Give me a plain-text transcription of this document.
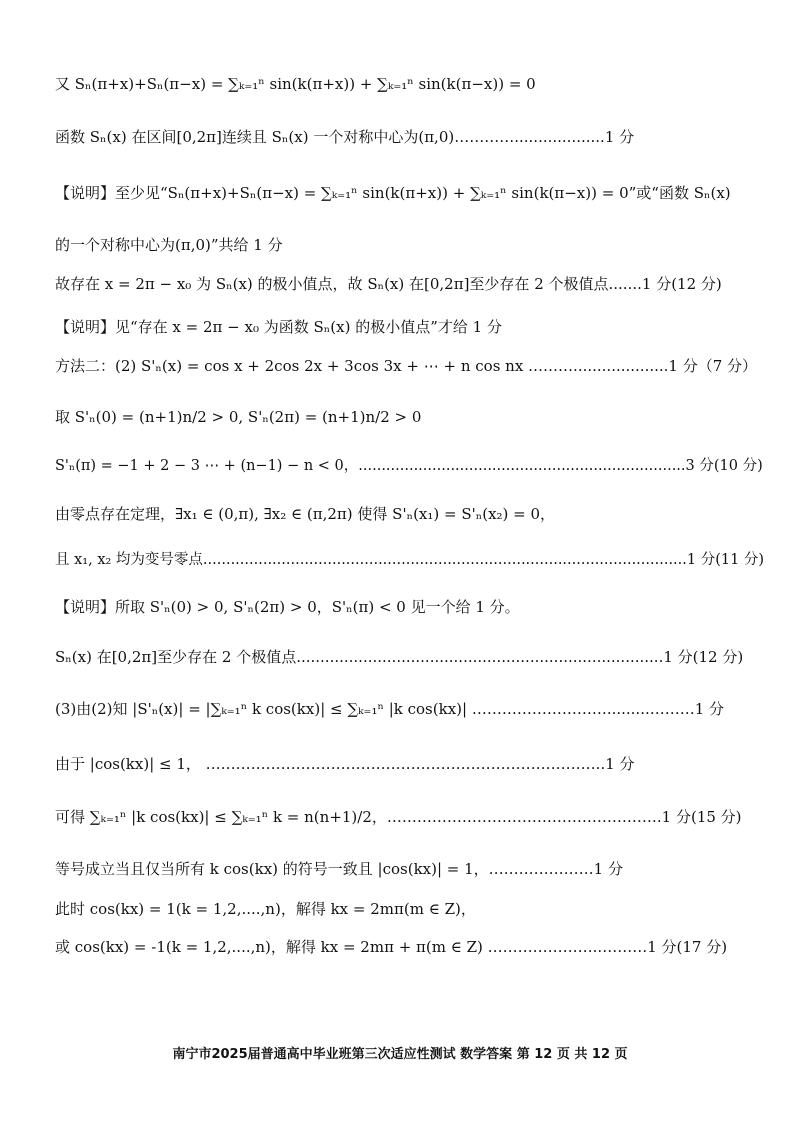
又 Sₙ(π+x)+Sₙ(π−x) = ∑ₖ₌₁ⁿ sin(k(π+x)) + ∑ₖ₌₁ⁿ sin(k(π−x)) = 0
函数 Sₙ(x) 在区间[0,2π]连续且 Sₙ(x) 一个对称中心为(π,0)…………...................1 分
【说明】至少见“Sₙ(π+x)+Sₙ(π−x) = ∑ₖ₌₁ⁿ sin(k(π+x)) + ∑ₖ₌₁ⁿ sin(k(π−x)) = 0”或“函数 Sₙ(x)
的一个对称中心为(π,0)”共给 1 分
故存在 x = 2π − x₀ 为 Sₙ(x) 的极小值点，故 Sₙ(x) 在[0,2π]至少存在 2 个极值点.......1 分(12 分)
【说明】见“存在 x = 2π − x₀ 为函数 Sₙ(x) 的极小值点”才给 1 分
方法二：(2) S'ₙ(x) = cos x + 2cos 2x + 3cos 3x + ⋯ + n cos nx ………....................1 分（7 分）
取 S'ₙ(0) = (n+1)n/2 > 0, S'ₙ(2π) = (n+1)n/2 > 0
S'ₙ(π) = −1 + 2 − 3 ⋯ + (n−1) − n < 0，.......................................................................3 分(10 分)
由零点存在定理，∃x₁ ∈ (0,π), ∃x₂ ∈ (π,2π) 使得 S'ₙ(x₁) = S'ₙ(x₂) = 0，
且 x₁, x₂ 均为变号零点.........................................................................................................1 分(11 分)
【说明】所取 S'ₙ(0) > 0, S'ₙ(2π) > 0，S'ₙ(π) < 0 见一个给 1 分。
Sₙ(x) 在[0,2π]至少存在 2 个极值点.............................................................................1 分(12 分)
(3)由(2)知 |S'ₙ(x)| = |∑ₖ₌₁ⁿ k cos(kx)| ≤ ∑ₖ₌₁ⁿ |k cos(kx)| ……………………….........………1 分
由于 |cos(kx)| ≤ 1， ……………………………………………………………………..1 分
可得 ∑ₖ₌₁ⁿ |k cos(kx)| ≤ ∑ₖ₌₁ⁿ k = n(n+1)/2，……………………………………………….1 分(15 分)
等号成立当且仅当所有 k cos(kx) 的符号一致且 |cos(kx)| = 1，…………………1 分
此时 cos(kx) = 1(k = 1,2,....,n)，解得 kx = 2mπ(m ∈ Z)，
或 cos(kx) = -1(k = 1,2,....,n)，解得 kx = 2mπ + π(m ∈ Z) …………………..………1 分(17 分)
南宁市2025届普通高中毕业班第三次适应性测试 数学答案 第 12 页 共 12 页
